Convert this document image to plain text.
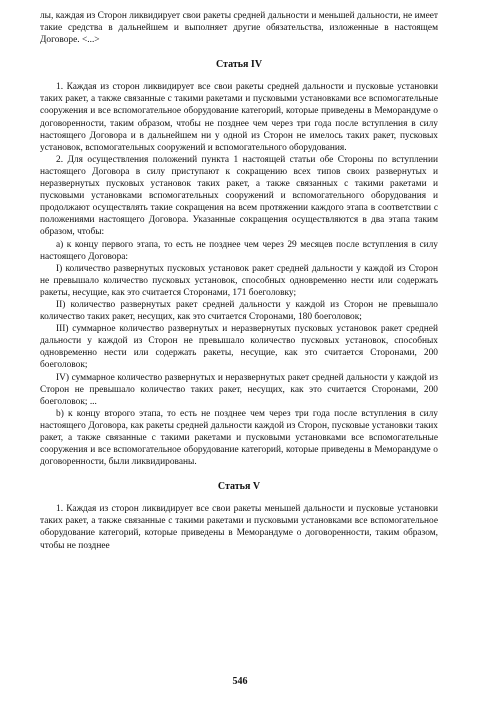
лы, каждая из Сторон ликвидирует свои ракеты средней дальности и меньшей дальности, не имеет такие средства в дальнейшем и выполняет другие обязательства, изложенные в настоящем Договоре. <...>

Статья IV

1. Каждая из сторон ликвидирует все свои ракеты средней дальности и пусковые установки таких ракет, а также связанные с такими ракетами и пусковыми установками все вспомогательные сооружения и все вспомогательное оборудование категорий, которые приведены в Меморандуме о договоренности, таким образом, чтобы не позднее чем через три года после вступления в силу настоящего Договора и в дальнейшем ни у одной из Сторон не имелось таких ракет, пусковых установок, вспомогательных сооружений и вспомогательного оборудования.

2. Для осуществления положений пункта 1 настоящей статьи обе Стороны по вступлении настоящего Договора в силу приступают к сокращению всех типов своих развернутых и неразвернутых пусковых установок таких ракет, а также связанных с такими ракетами и пусковыми установками вспомогательных сооружений и вспомогательного оборудования и продолжают осуществлять такие сокращения на всем протяжении каждого этапа в соответствии с положениями настоящего Договора. Указанные сокращения осуществляются в два этапа таким образом, чтобы:

a) к концу первого этапа, то есть не позднее чем через 29 месяцев после вступления в силу настоящего Договора:

I) количество развернутых пусковых установок ракет средней дальности у каждой из Сторон не превышало количество пусковых установок, способных одновременно нести или содержать ракеты, несущие, как это считается Сторонами, 171 боеголовку;

II) количество развернутых ракет средней дальности у каждой из Сторон не превышало количество таких ракет, несущих, как это считается Сторонами, 180 боеголовок;

III) суммарное количество развернутых и неразвернутых пусковых установок ракет средней дальности у каждой из Сторон не превышало количество пусковых установок, способных одновременно нести или содержать ракеты, несущие, как это считается Сторонами, 200 боеголовок;

IV) суммарное количество развернутых и неразвернутых ракет средней дальности у каждой из Сторон не превышало количество таких ракет, несущих, как это считается Сторонами, 200 боеголовок; ...

b) к концу второго этапа, то есть не позднее чем через три года после вступления в силу настоящего Договора, как ракеты средней дальности каждой из Сторон, пусковые установки таких ракет, а также связанные с такими ракетами и пусковыми установками все вспомогательные сооружения и все вспомогательное оборудование категорий, которые приведены в Меморандуме о договоренности, были ликвидированы.

Статья V

1. Каждая из сторон ликвидирует все свои ракеты меньшей дальности и пусковые установки таких ракет, а также связанные с такими ракетами и пусковыми установками все вспомогательное оборудование категорий, которые приведены в Меморандуме о договоренности, таким образом, чтобы не позднее

546
